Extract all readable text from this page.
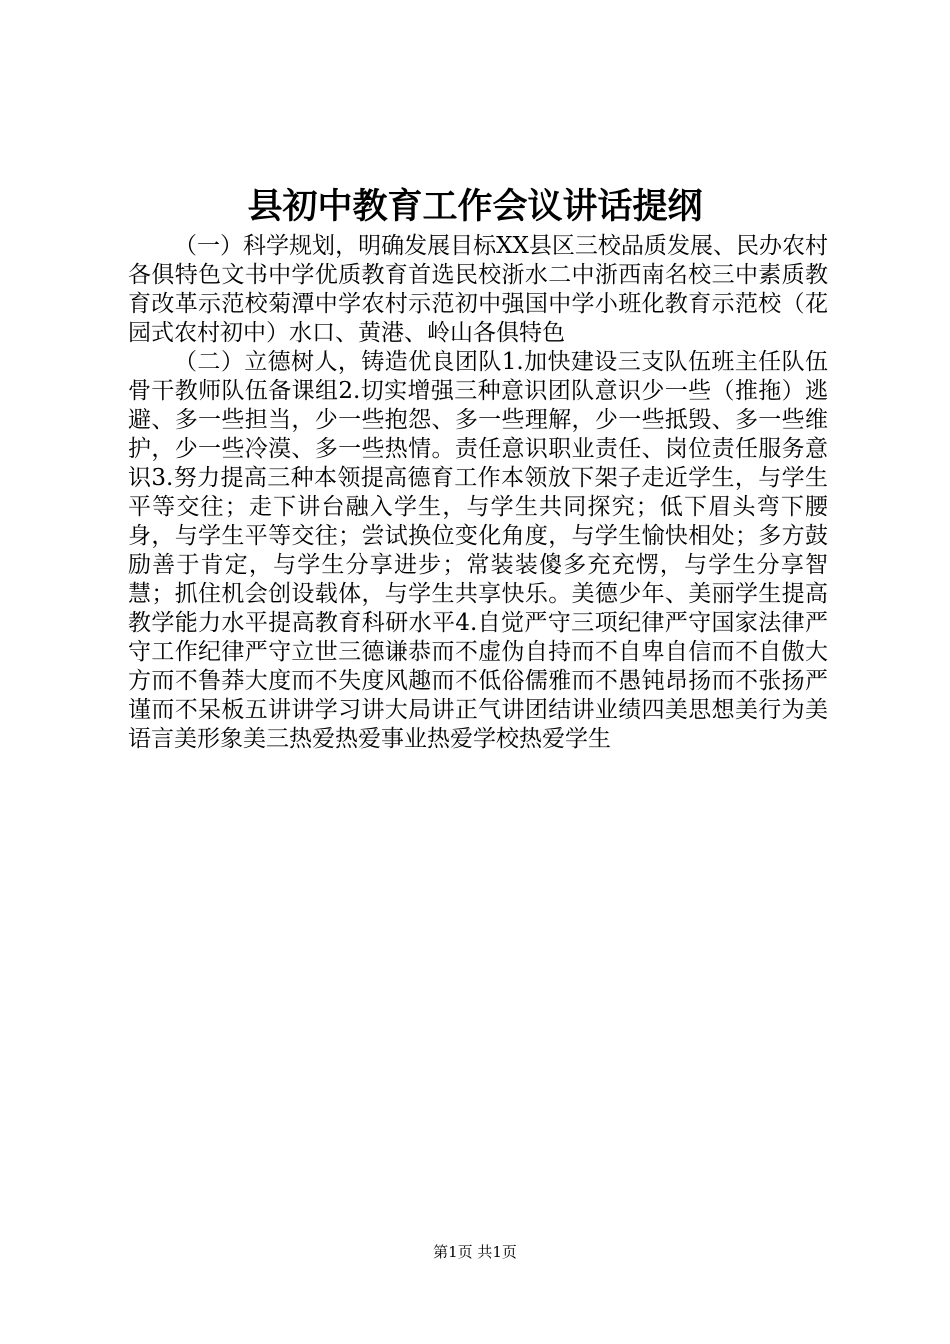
县初中教育工作会议讲话提纲

（一）科学规划，明确发展目标XX县区三校品质发展、民办农村各俱特色文书中学优质教育首选民校浙水二中浙西南名校三中素质教育改革示范校菊潭中学农村示范初中强国中学小班化教育示范校（花园式农村初中）水口、黄港、岭山各俱特色

（二）立德树人，铸造优良团队1.加快建设三支队伍班主任队伍骨干教师队伍备课组2.切实增强三种意识团队意识少一些（推拖）逃避、多一些担当，少一些抱怨、多一些理解，少一些抵毁、多一些维护，少一些冷漠、多一些热情。责任意识职业责任、岗位责任服务意识3.努力提高三种本领提高德育工作本领放下架子走近学生，与学生平等交往；走下讲台融入学生，与学生共同探究；低下眉头弯下腰身，与学生平等交往；尝试换位变化角度，与学生愉快相处；多方鼓励善于肯定，与学生分享进步；常装装傻多充充愣，与学生分享智慧；抓住机会创设载体，与学生共享快乐。美德少年、美丽学生提高教学能力水平提高教育科研水平4.自觉严守三项纪律严守国家法律严守工作纪律严守立世三德谦恭而不虚伪自持而不自卑自信而不自傲大方而不鲁莽大度而不失度风趣而不低俗儒雅而不愚钝昂扬而不张扬严谨而不呆板五讲讲学习讲大局讲正气讲团结讲业绩四美思想美行为美语言美形象美三热爱热爱事业热爱学校热爱学生

第1页 共1页
